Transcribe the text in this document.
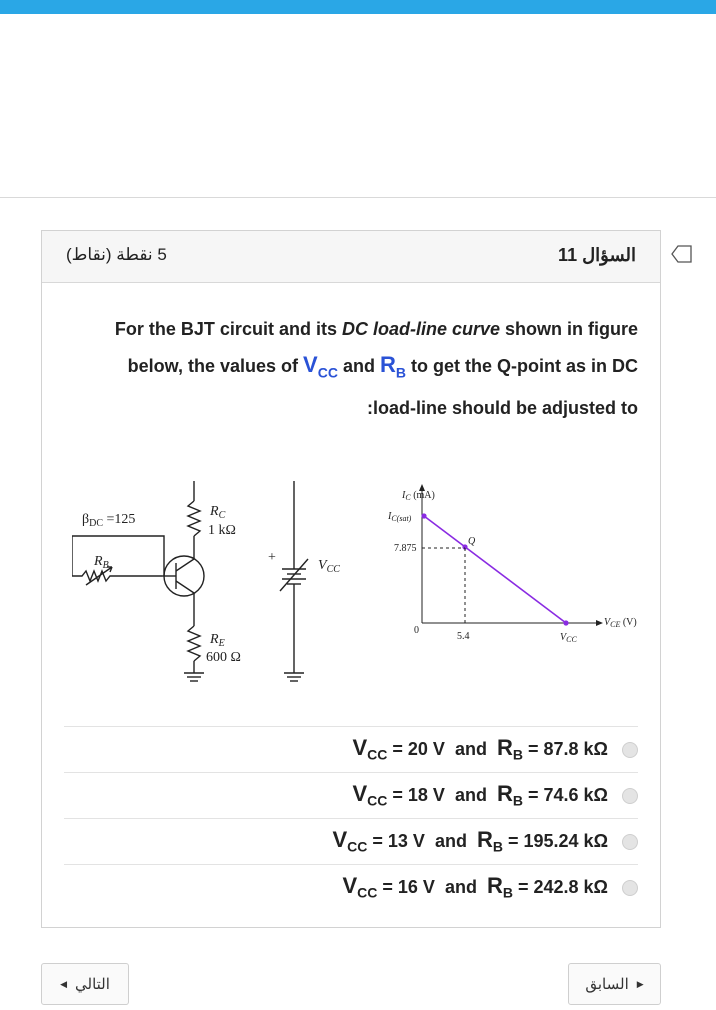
السؤال 11
5 نقطة (نقاط)
For the BJT circuit and its DC load-line curve shown in figure
below, the values of $V_{CC}$ and $R_B$ to get the Q-point as in DC
:load-line should be adjusted to
$\beta_{DC} =125$
$R_C$
1 kΩ
$R_B$
$R_E$
600 Ω
+
$V_{CC}$
$I_C$ (mA)
$I_{C(sat)}$
Q
7.875
0
5.4
$V_{CE}$ (V)
$V_{CC}$
$V_{CC} = 20$ V and $R_B = 87.8$ kΩ
$V_{CC} = 18$ V and $R_B = 74.6$ kΩ
$V_{CC} = 13$ V and $R_B = 195.24$ kΩ
$V_{CC} = 16$ V and $R_B = 242.8$ kΩ
التالي
◀	▶
السابق
